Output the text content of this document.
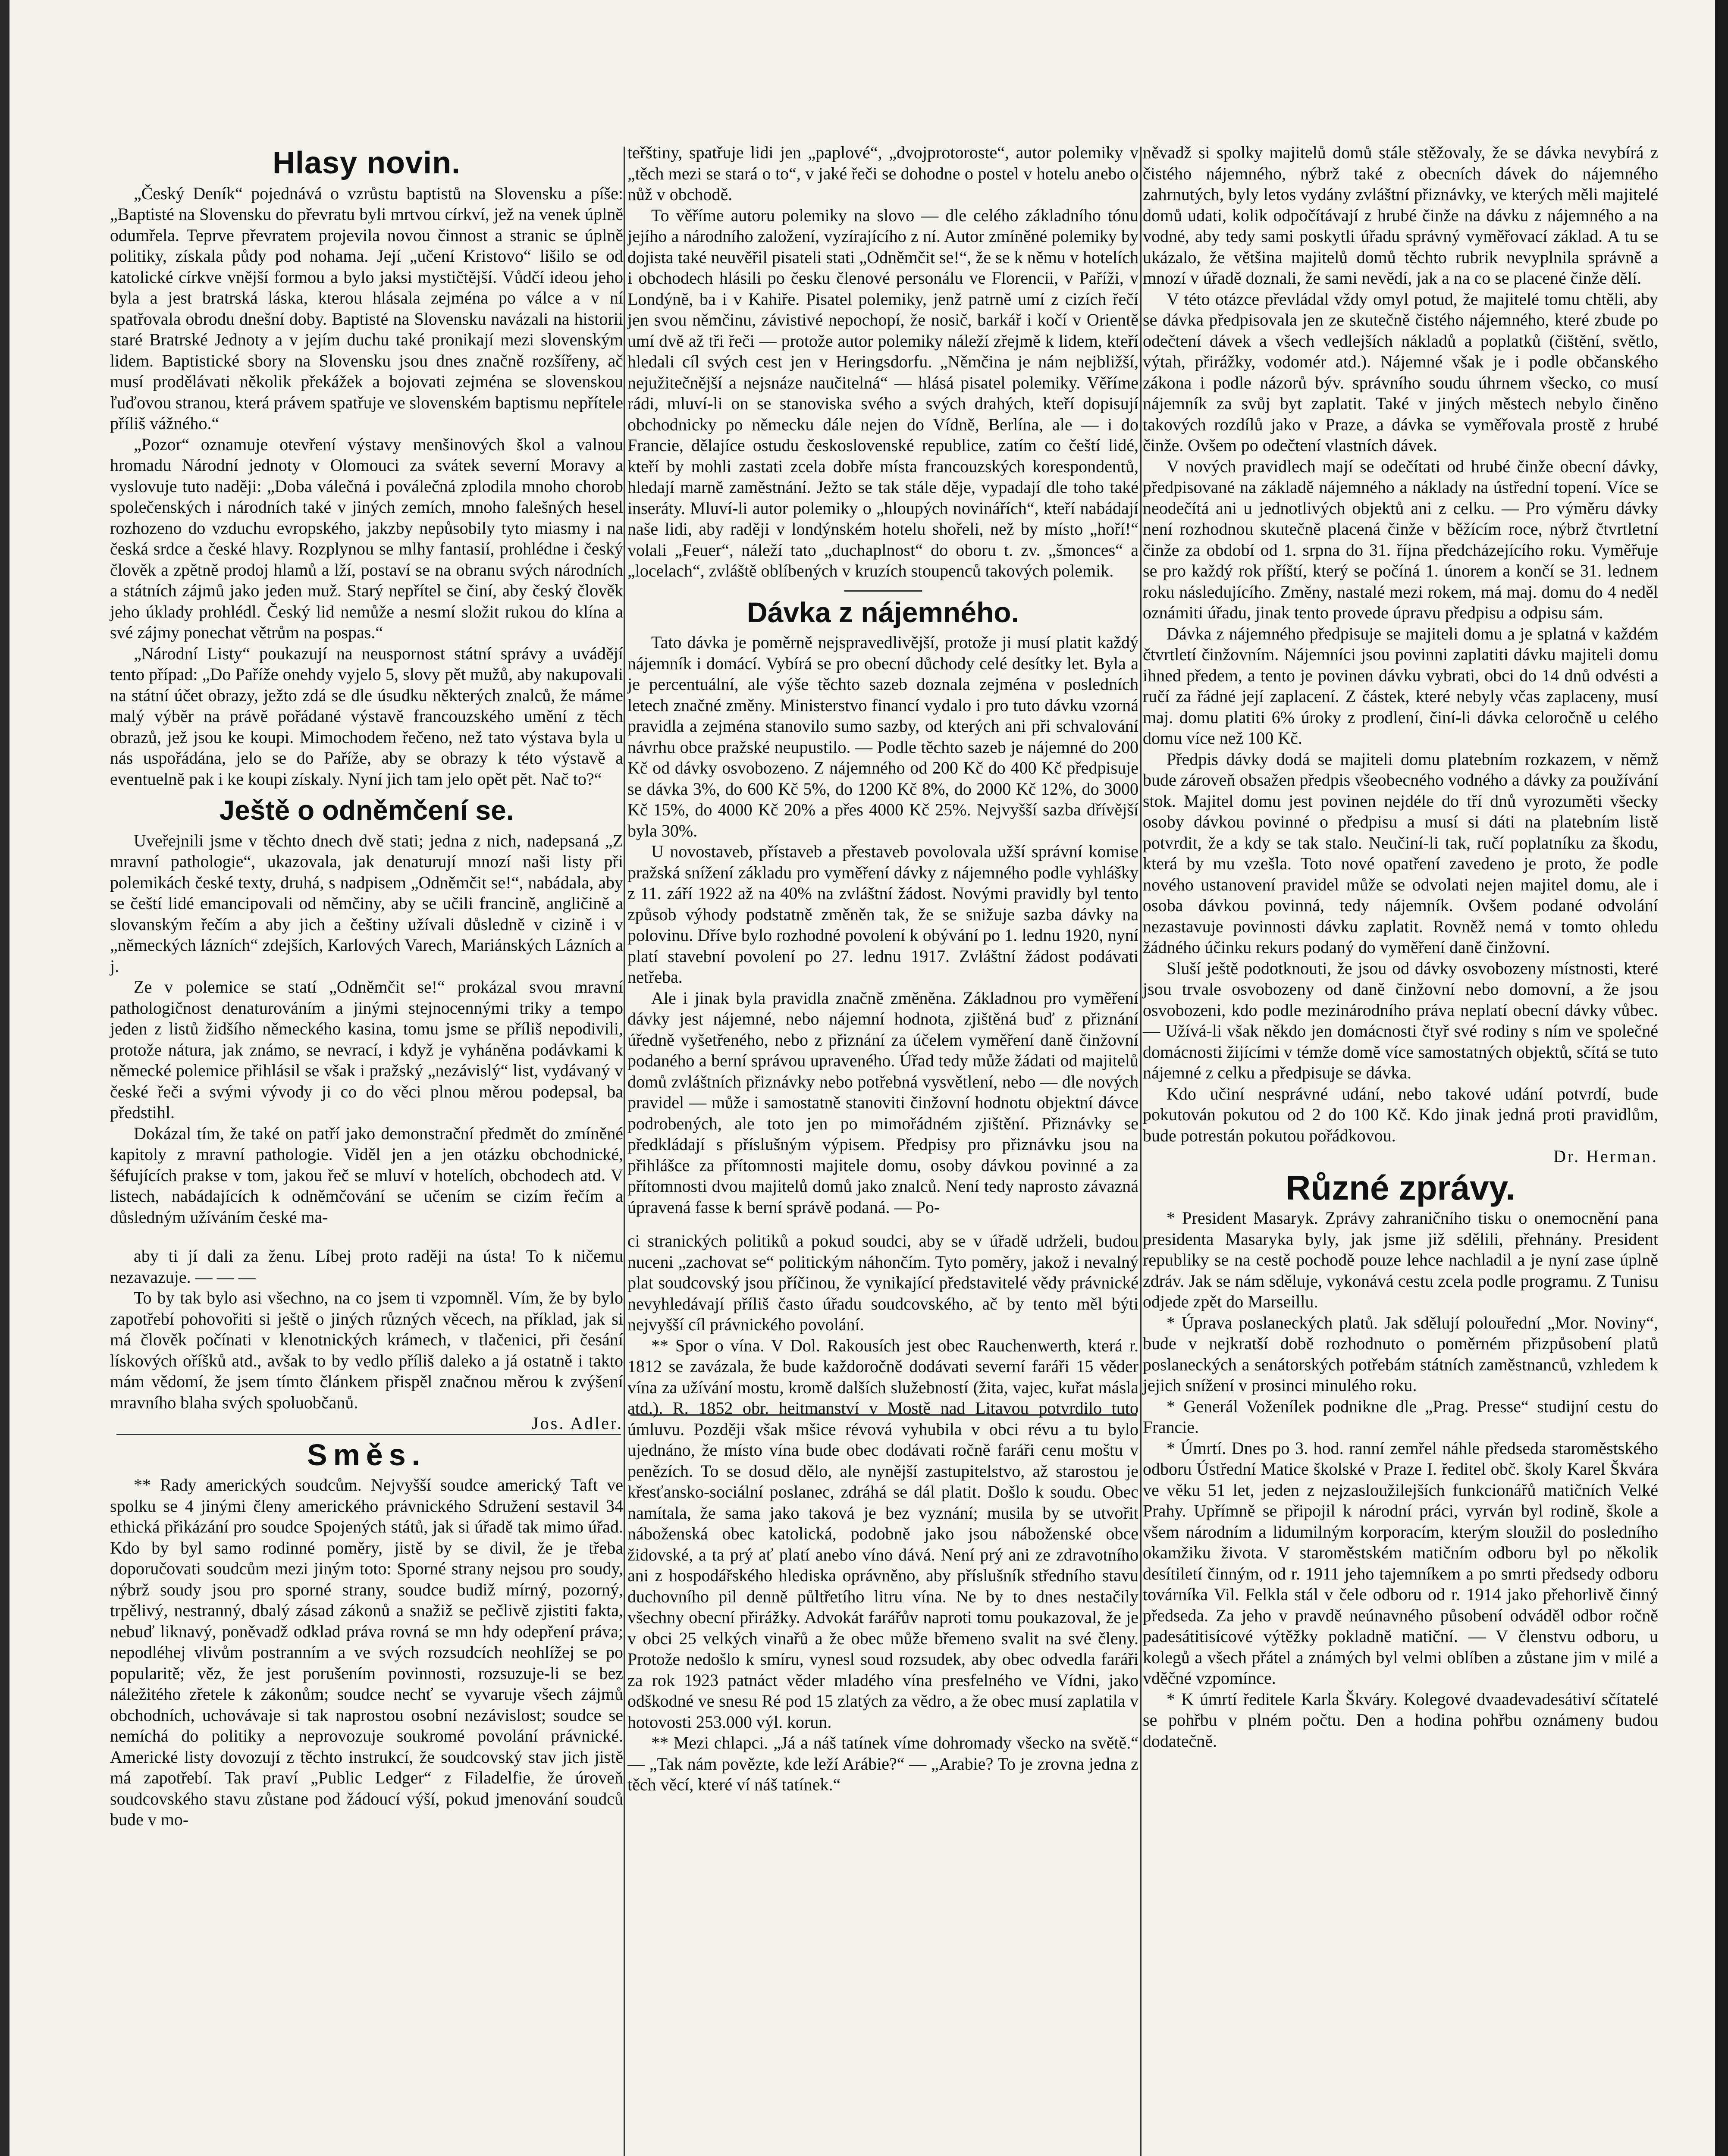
Hlasy novin.

„Český Deník“ pojednává o vzrůstu baptistů na Slovensku a píše: „Baptisté na Slovensku do převratu byli mrtvou církví, jež na venek úplně odumřela. Teprve převratem projevila novou činnost a stranic se úplně politiky, získala půdy pod nohama. Její „učení Kristovo“ lišilo se od katolické církve vnější formou a bylo jaksi mystičtější. Vůdčí ideou jeho byla a jest bratrská láska, kterou hlásala zejména po válce a v ní spatřovala obrodu dnešní doby. Baptisté na Slovensku navázali na historii staré Bratrské Jednoty a v jejím duchu také pronikají mezi slovenským lidem. Baptistické sbory na Slovensku jsou dnes značně rozšířeny, ač musí prodělávati několik překážek a bojovati zejména se slovenskou ľuďovou stranou, která právem spatřuje ve slovenském baptismu nepřítele příliš vážného.“

„Pozor“ oznamuje otevření výstavy menšinových škol a valnou hromadu Národní jednoty v Olomouci za svátek severní Moravy a vyslovuje tuto naději: „Doba válečná i poválečná zplodila mnoho chorob společenských i národních také v jiných zemích, mnoho falešných hesel rozhozeno do vzduchu evropského, jakzby nepůsobily tyto miasmy i na česká srdce a české hlavy. Rozplynou se mlhy fantasií, prohlédne i český člověk a zpětně prodoj hlamů a lží, postaví se na obranu svých národních a státních zájmů jako jeden muž. Starý nepřítel se činí, aby český člověk jeho úklady prohlédl. Český lid nemůže a nesmí složit rukou do klína a své zájmy ponechat větrům na pospas.“

„Národní Listy“ poukazují na neuspornost státní správy a uvádějí tento případ: „Do Paříže onehdy vyjelo 5, slovy pět mužů, aby nakupovali na státní účet obrazy, ježto zdá se dle úsudku některých znalců, že máme malý výběr na právě pořádané výstavě francouzského umění z těch obrazů, jež jsou ke koupi. Mimochodem řečeno, než tato výstava byla u nás uspořádána, jelo se do Paříže, aby se obrazy k této výstavě a eventuelně pak i ke koupi získaly. Nyní jich tam jelo opět pět. Nač to?“

Ještě o odněmčení se.

Uveřejnili jsme v těchto dnech dvě stati; jedna z nich, nadepsaná „Z mravní pathologie“, ukazovala, jak denaturují mnozí naši listy při polemikách české texty, druhá, s nadpisem „Odněmčit se!“, nabádala, aby se čeští lidé emancipovali od němčiny, aby se učili francině, angličině a slovanským řečím a aby jich a češtiny užívali důsledně v cizině i v „německých lázních“ zdejších, Karlových Varech, Mariánských Lázních a j.

Ze v polemice se statí „Odněmčit se!“ prokázal svou mravní pathologičnost denaturováním a jinými stejnocennými triky a tempo jeden z listů židšího německého kasina, tomu jsme se příliš nepodivili, protože nátura, jak známo, se nevrací, i když je vyháněna podávkami k německé polemice přihlásil se však i pražský „nezávislý“ list, vydávaný v české řeči a svými vývody ji co do věci plnou měrou podepsal, ba předstihl.

Dokázal tím, že také on patří jako demonstrační předmět do zmíněné kapitoly z mravní pathologie. Viděl jen a jen otázku obchodnické, šéfujících prakse v tom, jakou řeč se mluví v hotelích, obchodech atd. V listech, nabádajících k odněmčování se učením se cizím řečím a důsledným užíváním české ma-

aby ti jí dali za ženu. Líbej proto raději na ústa! To k ničemu nezavazuje. — — —

To by tak bylo asi všechno, na co jsem ti vzpomněl. Vím, že by bylo zapotřebí pohovořiti si ještě o jiných různých věcech, na příklad, jak si má člověk počínati v klenotnických krámech, v tlačenici, při česání lískových oříšků atd., avšak to by vedlo příliš daleko a já ostatně i takto mám vědomí, že jsem tímto článkem přispěl značnou měrou k zvýšení mravního blaha svých spoluobčanů.

Jos. Adler.

Směs.

** Rady amerických soudcům. Nejvyšší soudce americký Taft ve spolku se 4 jinými členy amerického právnického Sdružení sestavil 34 ethická přikázání pro soudce Spojených států, jak si úřadě tak mimo úřad. Kdo by byl samo rodinné poměry, jistě by se divil, že je třeba doporučovati soudcům mezi jiným toto: Sporné strany nejsou pro soudy, nýbrž soudy jsou pro sporné strany, soudce budiž mírný, pozorný, trpělivý, nestranný, dbalý zásad zákonů a snažiž se pečlivě zjistiti fakta, nebuď liknavý, poněvadž odklad práva rovná se mn hdy odepření práva; nepodléhej vlivům postranním a ve svých rozsudcích neohlížej se po popularitě; věz, že jest porušením povinnosti, rozsuzuje-li se bez náležitého zřetele k zákonům; soudce nechť se vyvaruje všech zájmů obchodních, uchovávaje si tak naprostou osobní nezávislost; soudce se nemíchá do politiky a neprovozuje soukromé povolání právnické. Americké listy dovozují z těchto instrukcí, že soudcovský stav jich jistě má zapotřebí. Tak praví „Public Ledger“ z Filadelfie, že úroveň soudcovského stavu zůstane pod žádoucí výší, pokud jmenování soudců bude v mo-

teřštiny, spatřuje lidi jen „paplové“, „dvojprotoroste“, autor polemiky v „těch mezi se stará o to“, v jaké řeči se dohodne o postel v hotelu anebo o nůž v obchodě.

To věříme autoru polemiky na slovo — dle celého základního tónu jejího a národního založení, vyzírajícího z ní. Autor zmíněné polemiky by dojista také neuvěřil pisateli stati „Odněmčit se!“, že se k němu v hotelích i obchodech hlásili po česku členové personálu ve Florencii, v Paříži, v Londýně, ba i v Kahiře. Pisatel polemiky, jenž patrně umí z cizích řečí jen svou němčinu, závistivé nepochopí, že nosič, barkář i kočí v Orientě umí dvě až tři řeči — protože autor polemiky náleží zřejmě k lidem, kteří hledali cíl svých cest jen v Heringsdorfu. „Němčina je nám nejbližší, nejužitečnější a nejsnáze naučitelná“ — hlásá pisatel polemiky. Věříme rádi, mluví-li on se stanoviska svého a svých drahých, kteří dopisují obchodnicky po německu dále nejen do Vídně, Berlína, ale — i do Francie, dělajíce ostudu československé republice, zatím co čeští lidé, kteří by mohli zastati zcela dobře místa francouzských korespondentů, hledají marně zaměstnání. Ježto se tak stále děje, vypadají dle toho také inseráty. Mluví-li autor polemiky o „hloupých novinářích“, kteří nabádají naše lidi, aby raději v londýnském hotelu shořeli, než by místo „hoří!“ volali „Feuer“, náleží tato „duchaplnost“ do oboru t. zv. „šmonces“ a „locelach“, zvláště oblíbených v kruzích stoupenců takových polemik.

Dávka z nájemného.

Tato dávka je poměrně nejspravedlivější, protože ji musí platit každý nájemník i domácí. Vybírá se pro obecní důchody celé desítky let. Byla a je percentuální, ale výše těchto sazeb doznala zejména v posledních letech značné změny. Ministerstvo financí vydalo i pro tuto dávku vzorná pravidla a zejména stanovilo sumo sazby, od kterých ani při schvalování návrhu obce pražské neupustilo. — Podle těchto sazeb je nájemné do 200 Kč od dávky osvobozeno. Z nájemného od 200 Kč do 400 Kč předpisuje se dávka 3%, do 600 Kč 5%, do 1200 Kč 8%, do 2000 Kč 12%, do 3000 Kč 15%, do 4000 Kč 20% a přes 4000 Kč 25%. Nejvyšší sazba dřívější byla 30%.

U novostaveb, přístaveb a přestaveb povolovala užší správní komise pražská snížení základu pro vyměření dávky z nájemného podle vyhlášky z 11. září 1922 až na 40% na zvláštní žádost. Novými pravidly byl tento způsob výhody podstatně změněn tak, že se snižuje sazba dávky na polovinu. Dříve bylo rozhodné povolení k obývání po 1. lednu 1920, nyní platí stavební povolení po 27. lednu 1917. Zvláštní žádost podávati netřeba.

Ale i jinak byla pravidla značně změněna. Základnou pro vyměření dávky jest nájemné, nebo nájemní hodnota, zjištěná buď z přiznání úředně vyšetřeného, nebo z přiznání za účelem vyměření daně činžovní podaného a berní správou upraveného. Úřad tedy může žádati od majitelů domů zvláštních přiznávky nebo potřebná vysvětlení, nebo — dle nových pravidel — může i samostatně stanoviti činžovní hodnotu objektní dávce podrobených, ale toto jen po mimořádném zjištění. Přiznávky se předkládají s příslušným výpisem. Předpisy pro přiznávku jsou na přihlášce za přítomnosti majitele domu, osoby dávkou povinné a za přítomnosti dvou majitelů domů jako znalců. Není tedy naprosto závazná úpravená fasse k berní správě podaná. — Po-

ci stranických politiků a pokud soudci, aby se v úřadě udrželi, budou nuceni „zachovat se“ politickým náhončím. Tyto poměry, jakož i nevalný plat soudcovský jsou příčinou, že vynikající představitelé vědy právnické nevyhledávají příliš často úřadu soudcovského, ač by tento měl býti nejvyšší cíl právnického povolání.

** Spor o vína. V Dol. Rakousích jest obec Rauchenwerth, která r. 1812 se zavázala, že bude každoročně dodávati severní faráři 15 věder vína za užívání mostu, kromě dalších služebností (žita, vajec, kuřat másla atd.). R. 1852 obr. heitmanství v Mostě nad Litavou potvrdilo tuto úmluvu. Později však mšice révová vyhubila v obci révu a tu bylo ujednáno, že místo vína bude obec dodávati ročně faráři cenu moštu v penězích. To se dosud dělo, ale nynější zastupitelstvo, až starostou je křesťansko-sociální poslanec, zdráhá se dál platit. Došlo k soudu. Obec namítala, že sama jako taková je bez vyznání; musila by se utvořit náboženská obec katolická, podobně jako jsou náboženské obce židovské, a ta prý ať platí anebo víno dává. Není prý ani ze zdravotního ani z hospodářského hlediska oprávněno, aby příslušník středního stavu duchovního pil denně půltřetího litru vína. Ne by to dnes nestačily všechny obecní přirážky. Advokát farářův naproti tomu poukazoval, že je v obci 25 velkých vinařů a že obec může břemeno svalit na své členy. Protože nedošlo k smíru, vynesl soud rozsudek, aby obec odvedla faráři za rok 1923 patnáct věder mladého vína presfelného ve Vídni, jako odškodné ve snesu Ré pod 15 zlatých za vědro, a že obec musí zaplatila v hotovosti 253.000 výl. korun.

** Mezi chlapci. „Já a náš tatínek víme dohromady všecko na světě.“ — „Tak nám povězte, kde leží Arábie?“ — „Arabie? To je zrovna jedna z těch věcí, které ví náš tatínek.“

něvadž si spolky majitelů domů stále stěžovaly, že se dávka nevybírá z čistého nájemného, nýbrž také z obecních dávek do nájemného zahrnutých, byly letos vydány zvláštní přiznávky, ve kterých měli majitelé domů udati, kolik odpočítávají z hrubé činže na dávku z nájemného a na vodné, aby tedy sami poskytli úřadu správný vyměřovací základ. A tu se ukázalo, že většina majitelů domů těchto rubrik nevyplnila správně a mnozí v úřadě doznali, že sami nevědí, jak a na co se placené činže dělí.

V této otázce převládal vždy omyl potud, že majitelé tomu chtěli, aby se dávka předpisovala jen ze skutečně čistého nájemného, které zbude po odečtení dávek a všech vedlejších nákladů a poplatků (čištění, světlo, výtah, přirážky, vodomér atd.). Nájemné však je i podle občanského zákona i podle názorů býv. správního soudu úhrnem všecko, co musí nájemník za svůj byt zaplatit. Také v jiných městech nebylo činěno takových rozdílů jako v Praze, a dávka se vyměřovala prostě z hrubé činže. Ovšem po odečtení vlastních dávek.

V nových pravidlech mají se odečítati od hrubé činže obecní dávky, předpisované na základě nájemného a náklady na ústřední topení. Více se neodečítá ani u jednotlivých objektů ani z celku. — Pro výměru dávky není rozhodnou skutečně placená činže v běžícím roce, nýbrž čtvrtletní činže za období od 1. srpna do 31. října předcházejícího roku. Vyměřuje se pro každý rok příští, který se počíná 1. únorem a končí se 31. lednem roku následujícího. Změny, nastalé mezi rokem, má maj. domu do 4 neděl oznámiti úřadu, jinak tento provede úpravu předpisu a odpisu sám.

Dávka z nájemného předpisuje se majiteli domu a je splatná v každém čtvrtletí činžovním. Nájemníci jsou povinni zaplatiti dávku majiteli domu ihned předem, a tento je povinen dávku vybrati, obci do 14 dnů odvésti a ručí za řádné její zaplacení. Z částek, které nebyly včas zaplaceny, musí maj. domu platiti 6% úroky z prodlení, činí-li dávka celoročně u celého domu více než 100 Kč.

Předpis dávky dodá se majiteli domu platebním rozkazem, v němž bude zároveň obsažen předpis všeobecného vodného a dávky za používání stok. Majitel domu jest povinen nejdéle do tří dnů vyrozuměti všecky osoby dávkou povinné o předpisu a musí si dáti na platebním listě potvrdit, že a kdy se tak stalo. Neučiní-li tak, ručí poplatníku za škodu, která by mu vzešla. Toto nové opatření zavedeno je proto, že podle nového ustanovení pravidel může se odvolati nejen majitel domu, ale i osoba dávkou povinná, tedy nájemník. Ovšem podané odvolání nezastavuje povinnosti dávku zaplatit. Rovněž nemá v tomto ohledu žádného účinku rekurs podaný do vyměření daně činžovní.

Sluší ještě podotknouti, že jsou od dávky osvobozeny místnosti, které jsou trvale osvobozeny od daně činžovní nebo domovní, a že jsou osvobozeni, kdo podle mezinárodního práva neplatí obecní dávky vůbec. — Užívá-li však někdo jen domácnosti čtyř své rodiny s ním ve společné domácnosti žijícími v témže domě více samostatných objektů, sčítá se tuto nájemné z celku a předpisuje se dávka.

Kdo učiní nesprávné udání, nebo takové udání potvrdí, bude pokutován pokutou od 2 do 100 Kč. Kdo jinak jedná proti pravidlům, bude potrestán pokutou pořádkovou.

Dr. Herman.

Různé zprávy.

* President Masaryk. Zprávy zahraničního tisku o onemocnění pana presidenta Masaryka byly, jak jsme již sdělili, přehnány. President republiky se na cestě pochodě pouze lehce nachladil a je nyní zase úplně zdráv. Jak se nám sděluje, vykonává cestu zcela podle programu. Z Tunisu odjede zpět do Marseillu.

* Úprava poslaneckých platů. Jak sdělují polouřední „Mor. Noviny“, bude v nejkratší době rozhodnuto o poměrném přizpůsobení platů poslaneckých a senátorských potřebám státních zaměstnanců, vzhledem k jejich snížení v prosinci minulého roku.

* Generál Voženílek podnikne dle „Prag. Presse“ studijní cestu do Francie.

* Úmrtí. Dnes po 3. hod. ranní zemřel náhle předseda staroměstského odboru Ústřední Matice školské v Praze I. ředitel obč. školy Karel Škvára ve věku 51 let, jeden z nejzasloužilejších funkcionářů matičních Velké Prahy. Upřímně se připojil k národní práci, vyrván byl rodině, škole a všem národním a lidumilným korporacím, kterým sloužil do posledního okamžiku života. V staroměstském matičním odboru byl po několik desítiletí činným, od r. 1911 jeho tajemníkem a po smrti předsedy odboru továrníka Vil. Felkla stál v čele odboru od r. 1914 jako přehorlivě činný předseda. Za jeho v pravdě neúnavného působení odváděl odbor ročně padesátitisícové výtěžky pokladně matiční. — V členstvu odboru, u kolegů a všech přátel a známých byl velmi oblíben a zůstane jim v milé a vděčné vzpomínce.

* K úmrtí ředitele Karla Škváry. Kolegové dvaadevadesátiví sčítatelé se pohřbu v plném počtu. Den a hodina pohřbu oznámeny budou dodatečně.
